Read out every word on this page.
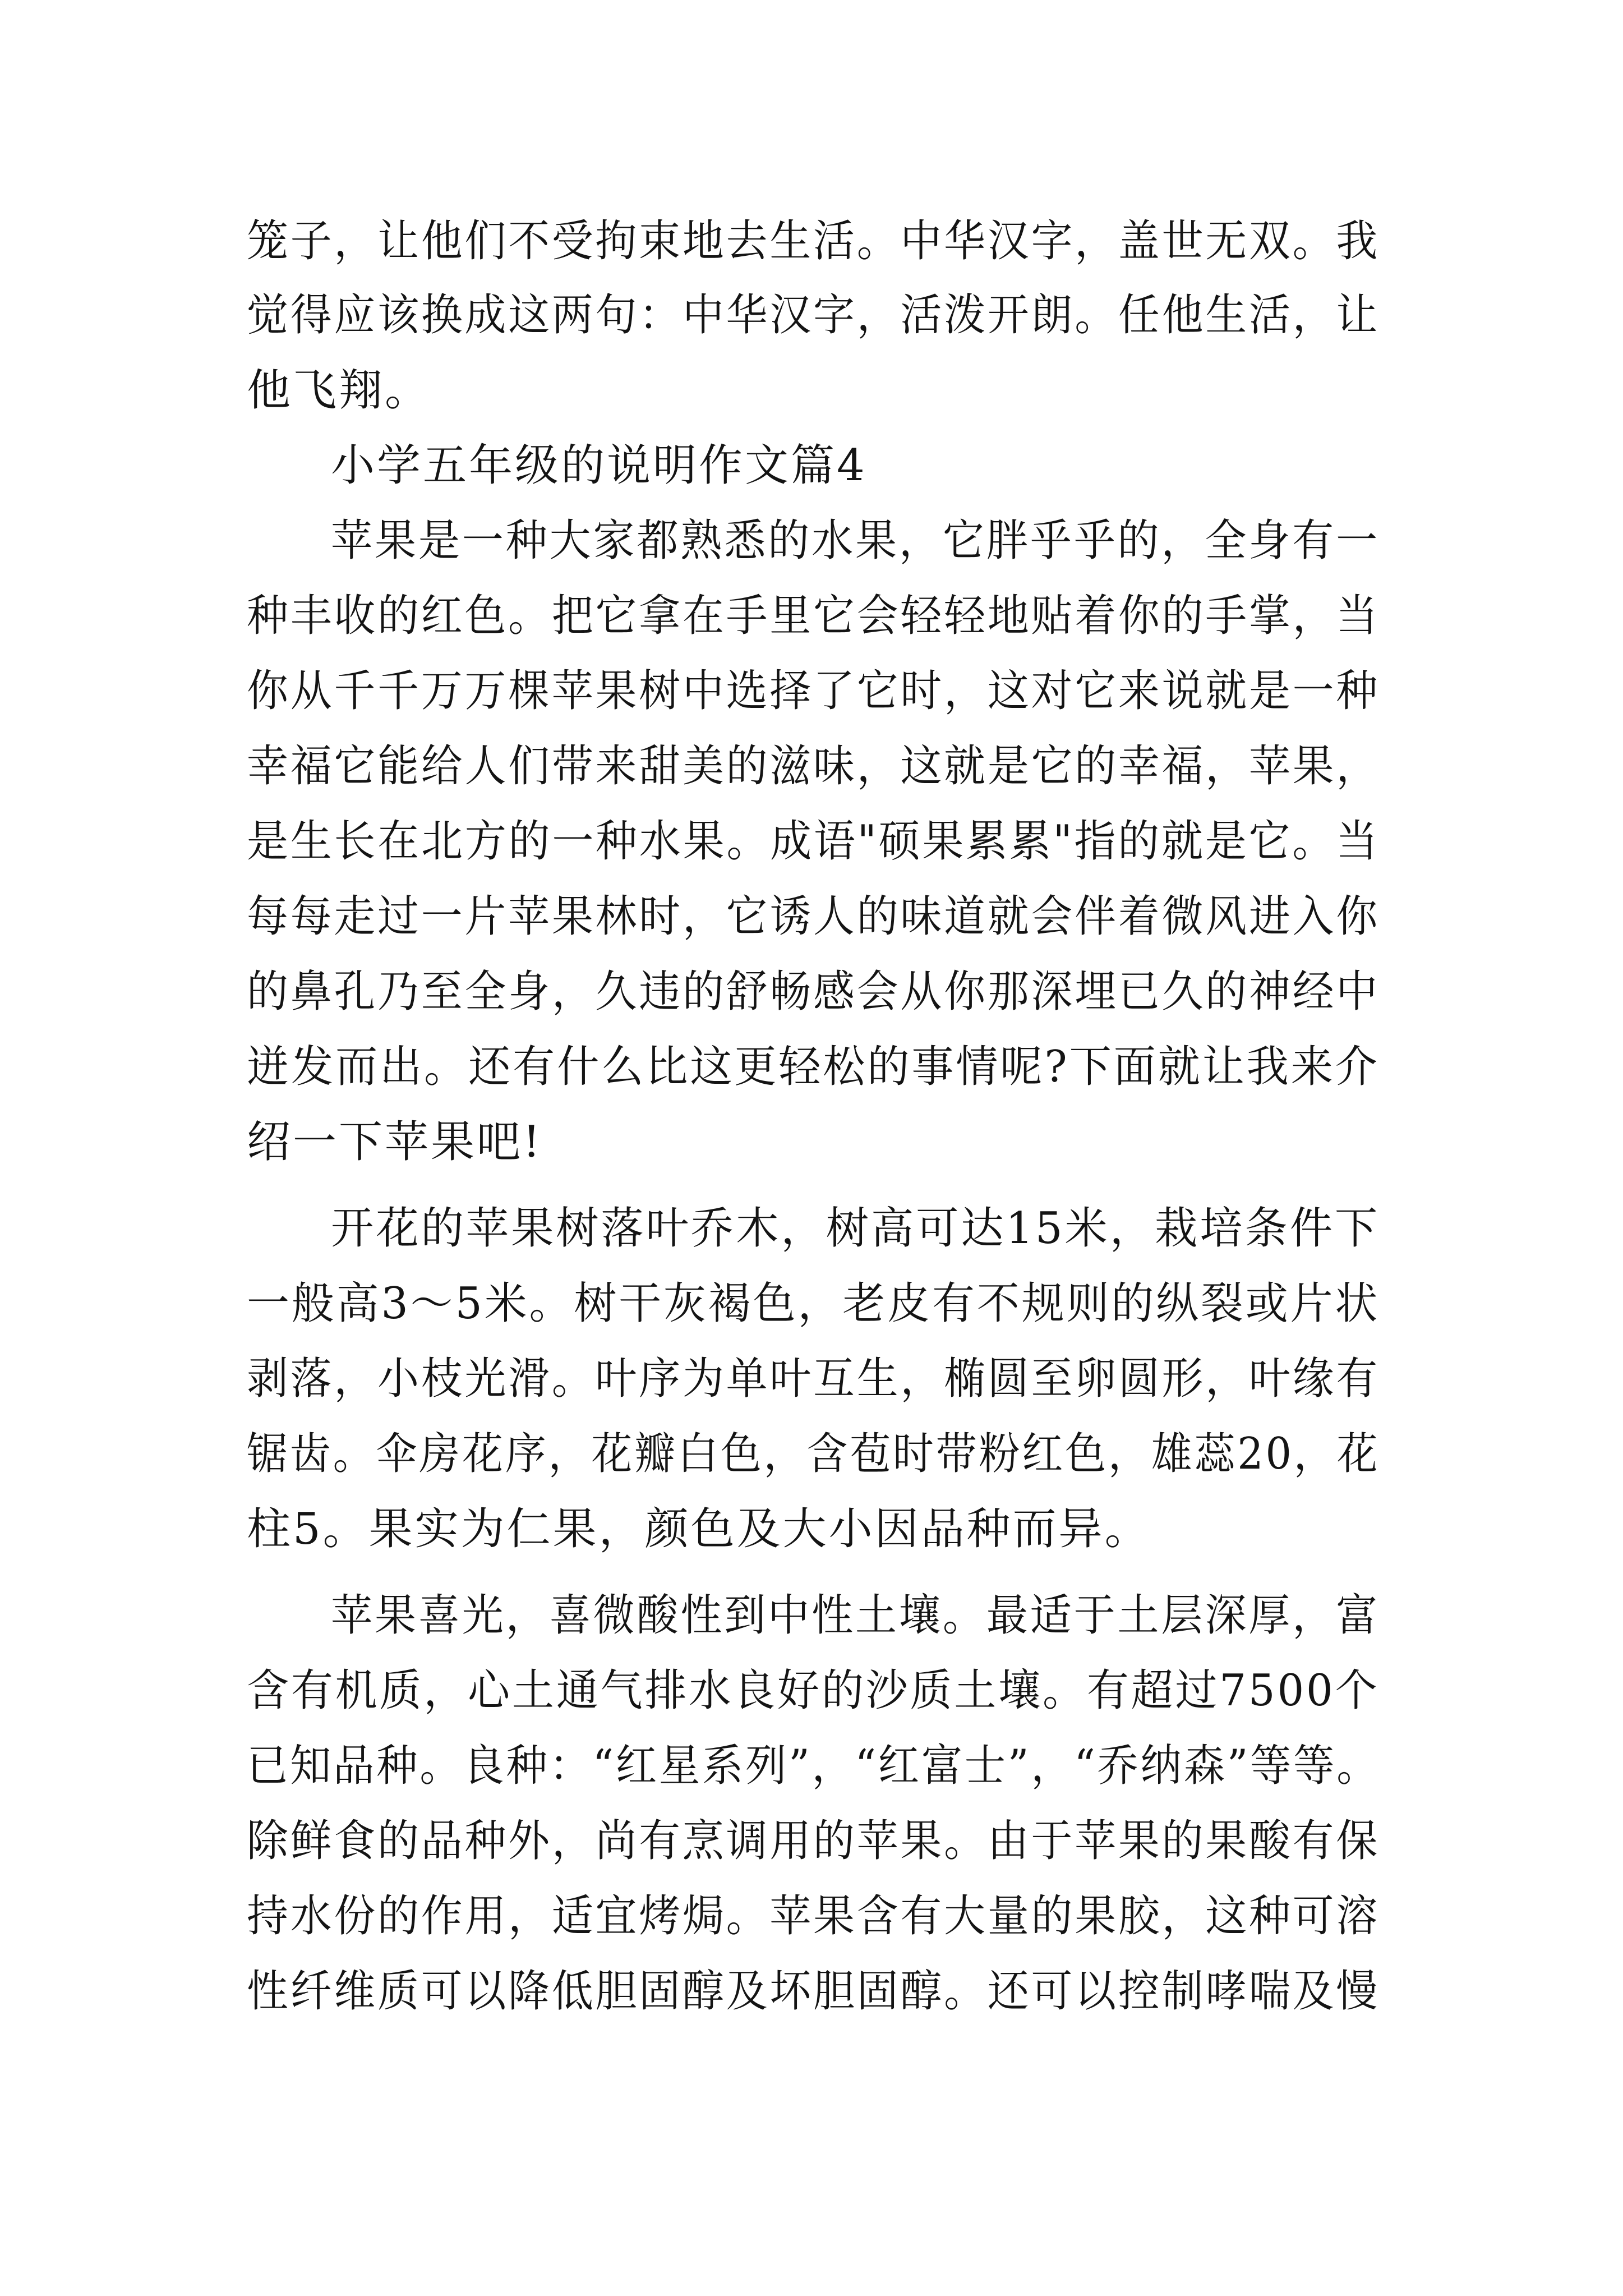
笼子，让他们不受拘束地去生活。中华汉字，盖世无双。我

觉得应该换成这两句：中华汉字，活泼开朗。任他生活，让

他飞翔。

小学五年级的说明作文篇4

苹果是一种大家都熟悉的水果，它胖乎乎的，全身有一

种丰收的红色。把它拿在手里它会轻轻地贴着你的手掌，当

你从千千万万棵苹果树中选择了它时，这对它来说就是一种

幸福它能给人们带来甜美的滋味，这就是它的幸福，苹果，

是生长在北方的一种水果。成语"硕果累累"指的就是它。当

每每走过一片苹果林时，它诱人的味道就会伴着微风进入你

的鼻孔乃至全身，久违的舒畅感会从你那深埋已久的神经中

迸发而出。还有什么比这更轻松的事情呢?下面就让我来介

绍一下苹果吧!

开花的苹果树落叶乔木，树高可达15米，栽培条件下

一般高3～5米。树干灰褐色，老皮有不规则的纵裂或片状

剥落，小枝光滑。叶序为单叶互生，椭圆至卵圆形，叶缘有

锯齿。伞房花序，花瓣白色，含苞时带粉红色，雄蕊20，花

柱5。果实为仁果，颜色及大小因品种而异。

苹果喜光，喜微酸性到中性土壤。最适于土层深厚，富

含有机质，心土通气排水良好的沙质土壤。有超过7500个

已知品种。良种：“红星系列”，“红富士”，“乔纳森”等等。

除鲜食的品种外，尚有烹调用的苹果。由于苹果的果酸有保

持水份的作用，适宜烤焗。苹果含有大量的果胶，这种可溶

性纤维质可以降低胆固醇及坏胆固醇。还可以控制哮喘及慢
